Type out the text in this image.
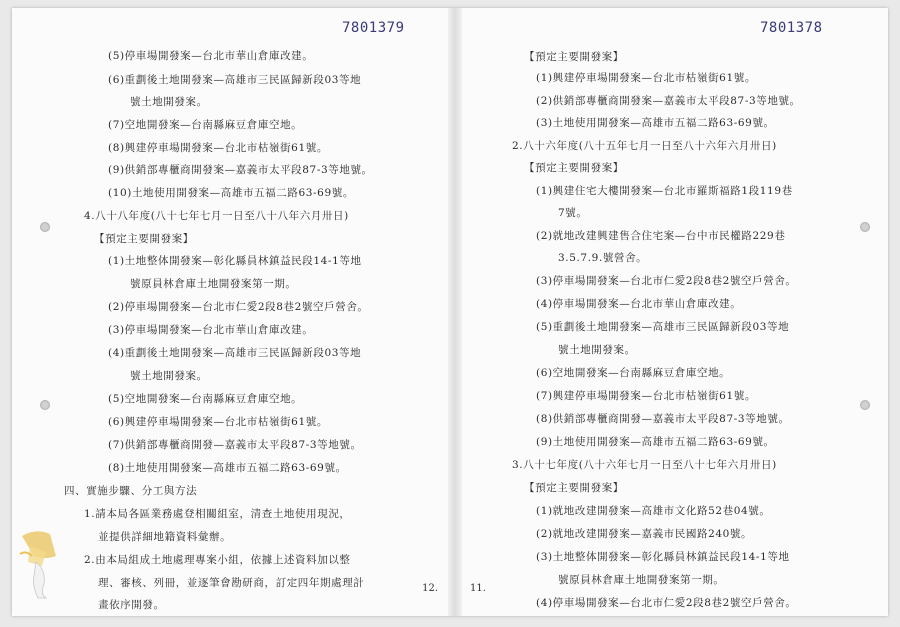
7801379
(5)停車場開發案—台北市華山倉庫改建。
(6)重劃後土地開發案—高雄市三民區歸新段03等地
號土地開發案。
(7)空地開發案—台南縣麻豆倉庫空地。
(8)興建停車場開發案—台北市枯嶺街61號。
(9)供銷部專櫃商開發案—嘉義市太平段87-3等地號。
(10)土地使用開發案—高雄市五福二路63-69號。
4.八十八年度(八十七年七月一日至八十八年六月卅日)
【預定主要開發案】
(1)土地整体開發案—彰化縣員林鎮益民段14-1等地
號原員林倉庫土地開發案第一期。
(2)停車場開發案—台北市仁愛2段8巷2號空戶營舍。
(3)停車場開發案—台北市華山倉庫改建。
(4)重劃後土地開發案—高雄市三民區歸新段03等地
號土地開發案。
(5)空地開發案—台南縣麻豆倉庫空地。
(6)興建停車場開發案—台北市枯嶺街61號。
(7)供銷部專櫃商開發—嘉義市太平段87-3等地號。
(8)土地使用開發案—高雄市五福二路63-69號。
四、實施步驟、分工與方法
1.請本局各區業務處登相關組室，清查土地使用現況，
並提供詳細地籍資料彙辦。
2.由本局組成土地處理專案小組，依據上述資料加以整
理、審核、列冊，並逐筆會勘研商，訂定四年期處理計
畫依序開發。
12.
7801378
【預定主要開發案】
(1)興建停車場開發案—台北市枯嶺街61號。
(2)供銷部專櫃商開發案—嘉義市太平段87-3等地號。
(3)土地使用開發案—高雄市五福二路63-69號。
2.八十六年度(八十五年七月一日至八十六年六月卅日)
【預定主要開發案】
(1)興建住宅大樓開發案—台北市羅斯福路1段119巷
7號。
(2)就地改建興建售合住宅案—台中市民權路229巷
3.5.7.9.號營舍。
(3)停車場開發案—台北市仁愛2段8巷2號空戶營舍。
(4)停車場開發案—台北市華山倉庫改建。
(5)重劃後土地開發案—高雄市三民區歸新段03等地
號土地開發案。
(6)空地開發案—台南縣麻豆倉庫空地。
(7)興建停車場開發案—台北市枯嶺街61號。
(8)供銷部專櫃商開發—嘉義市太平段87-3等地號。
(9)土地使用開發案—高雄市五福二路63-69號。
3.八十七年度(八十六年七月一日至八十七年六月卅日)
【預定主要開發案】
(1)就地改建開發案—高雄市文化路52巷04號。
(2)就地改建開發案—嘉義市民國路240號。
(3)土地整体開發案—彰化縣員林鎮益民段14-1等地
號原員林倉庫土地開發案第一期。
(4)停車場開發案—台北市仁愛2段8巷2號空戶營舍。
11.
